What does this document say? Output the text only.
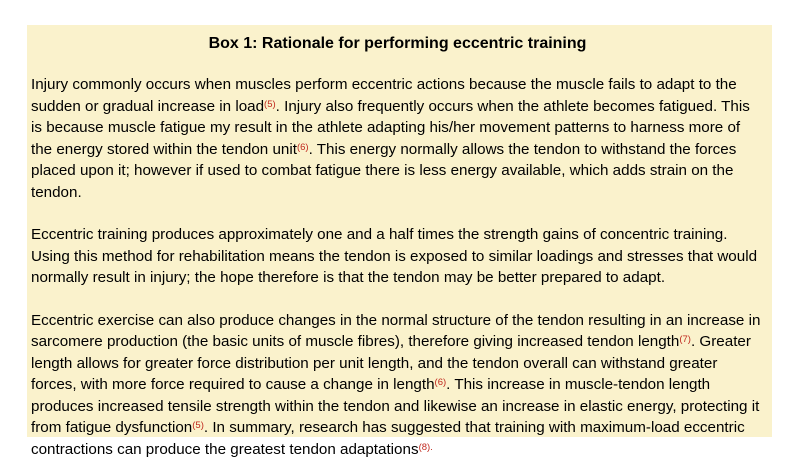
Box 1: Rationale for performing eccentric training
Injury commonly occurs when muscles perform eccentric actions because the muscle fails to adapt to the sudden or gradual increase in load$^{(5)}$. Injury also frequently occurs when the athlete becomes fatigued. This is because muscle fatigue my result in the athlete adapting his/her movement patterns to harness more of the energy stored within the tendon unit$^{(6)}$. This energy normally allows the tendon to withstand the forces placed upon it; however if used to combat fatigue there is less energy available, which adds strain on the tendon.
Eccentric training produces approximately one and a half times the strength gains of concentric training. Using this method for rehabilitation means the tendon is exposed to similar loadings and stresses that would normally result in injury; the hope therefore is that the tendon may be better prepared to adapt.
Eccentric exercise can also produce changes in the normal structure of the tendon resulting in an increase in sarcomere production (the basic units of muscle fibres), therefore giving increased tendon length$^{(7)}$. Greater length allows for greater force distribution per unit length, and the tendon overall can withstand greater forces, with more force required to cause a change in length$^{(6)}$. This increase in muscle-tendon length produces increased tensile strength within the tendon and likewise an increase in elastic energy, protecting it from fatigue dysfunction$^{(5)}$. In summary, research has suggested that training with maximum-load eccentric contractions can produce the greatest tendon adaptations$^{(8).}$
